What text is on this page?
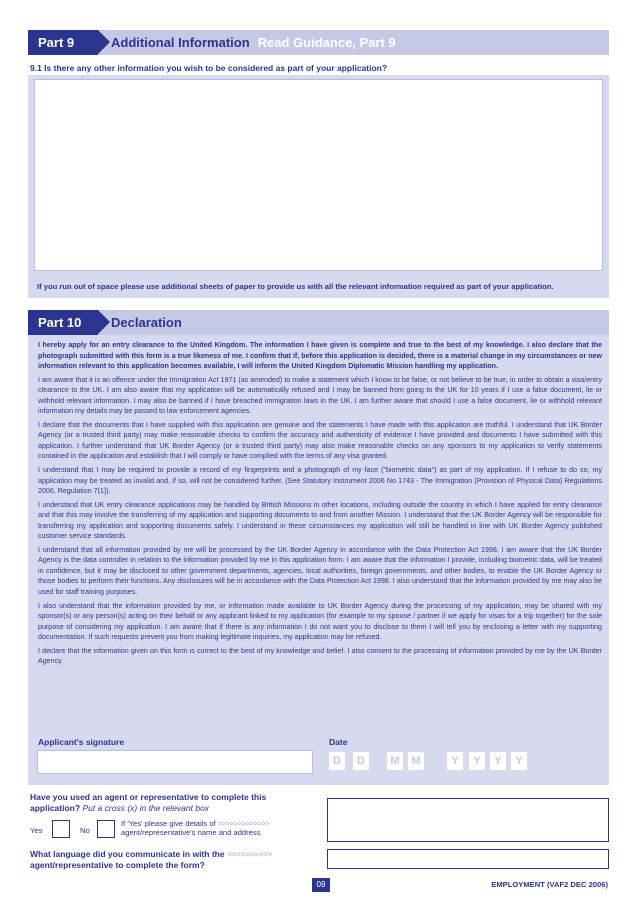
Part 9	Additional Information Read Guidance, Part 9
9.1 Is there any other information you wish to be considered as part of your application?
If you run out of space please use additional sheets of paper to provide us with all the relevant information required as part of your application.
Part 10	Declaration

I hereby apply for an entry clearance to the United Kingdom. The information I have given is complete and true to the best of my knowledge. I also declare that the photograph submitted with this form is a true likeness of me. I confirm that if, before this application is decided, there is a material change in my circumstances or new information relevant to this application becomes available, I will inform the United Kingdom Diplomatic Mission handling my application.

I am aware that it is an offence under the Immigration Act 1971 (as amended) to make a statement which I know to be false, or not believe to be true, in order to obtain a visa/entry clearance to the UK. I am also aware that my application will be automatically refused and I may be banned from going to the UK for 10 years if I use a false document, lie or withhold relevant information. I may also be banned if I have breached immigration laws in the UK. I am further aware that should I use a false document, lie or withhold relevant information my details may be passed to law enforcement agencies.

I declare that the documents that I have supplied with this application are genuine and the statements I have made with this application are truthful. I understand that UK Border Agency (or a trusted third party) may make reasonable checks to confirm the accuracy and authenticity of evidence I have provided and documents I have submitted with this application. I further understand that UK Border Agency (or a trusted third party) may also make reasonable checks on any sponsors to my application to verify statements contained in the application and establish that I will comply or have complied with the terms of any visa granted.

I understand that I may be required to provide a record of my fingerprints and a photograph of my face ("biometric data") as part of my application. If I refuse to do so, my application may be treated as invalid and, if so, will not be considered further. (See Statutory Instrument 2006 No 1743 - The Immigration (Provision of Physical Data) Regulations 2006, Regulation 7(1)).

I understand that UK entry clearance applications may be handled by British Missions in other locations, including outside the country in which I have applied for entry clearance and that this may involve the transferring of my application and supporting documents to and from another Mission. I understand that the UK Border Agency will be responsible for transferring my application and supporting documents safely. I understand in these circumstances my application will still be handled in line with UK Border Agency published customer service standards.

I understand that all information provided by me will be processed by the UK Border Agency in accordance with the Data Protection Act 1998. I am aware that the UK Border Agency is the data controller in relation to the information provided by me in this application form. I am aware that the information I provide, including biometric data, will be treated in confidence, but it may be disclosed to other government departments, agencies, local authorities, foreign governments, and other bodies, to enable the UK Border Agency or those bodies to perform their functions. Any disclosures will be in accordance with the Data Protection Act 1998. I also understand that the information provided by me may also be used for staff training purposes.

I also understand that the information provided by me, or information made available to UK Border Agency during the processing of my application, may be shared with my sponsor(s) or any person(s) acting on their behalf or any applicant linked to my application (for example to my spouse / partner if we apply for visas for a trip together) for the sole purpose of considering my application. I am aware that if there is any information I do not want you to disclose to them I will tell you by enclosing a letter with my supporting documentation. If such requests prevent you from making legitimate inquiries, my application may be refused.

I declare that the information given on this form is correct to the best of my knowledge and belief. I also consent to the processing of information provided by me by the UK Border Agency.

Applicant's signature	Date
D	D	M	M	Y	Y	Y	Y
Have you used an agent or representative to complete this application? Put a cross (x) in the relevant box
Yes	No
If 'Yes' please give details of >>>>>>>>>>>>>
agent/representative's name and address
What language did you communicate in with the >>>>>>>>>>
agent/representative to complete the form?
09	EMPLOYMENT (VAF2 DEC 2006)
